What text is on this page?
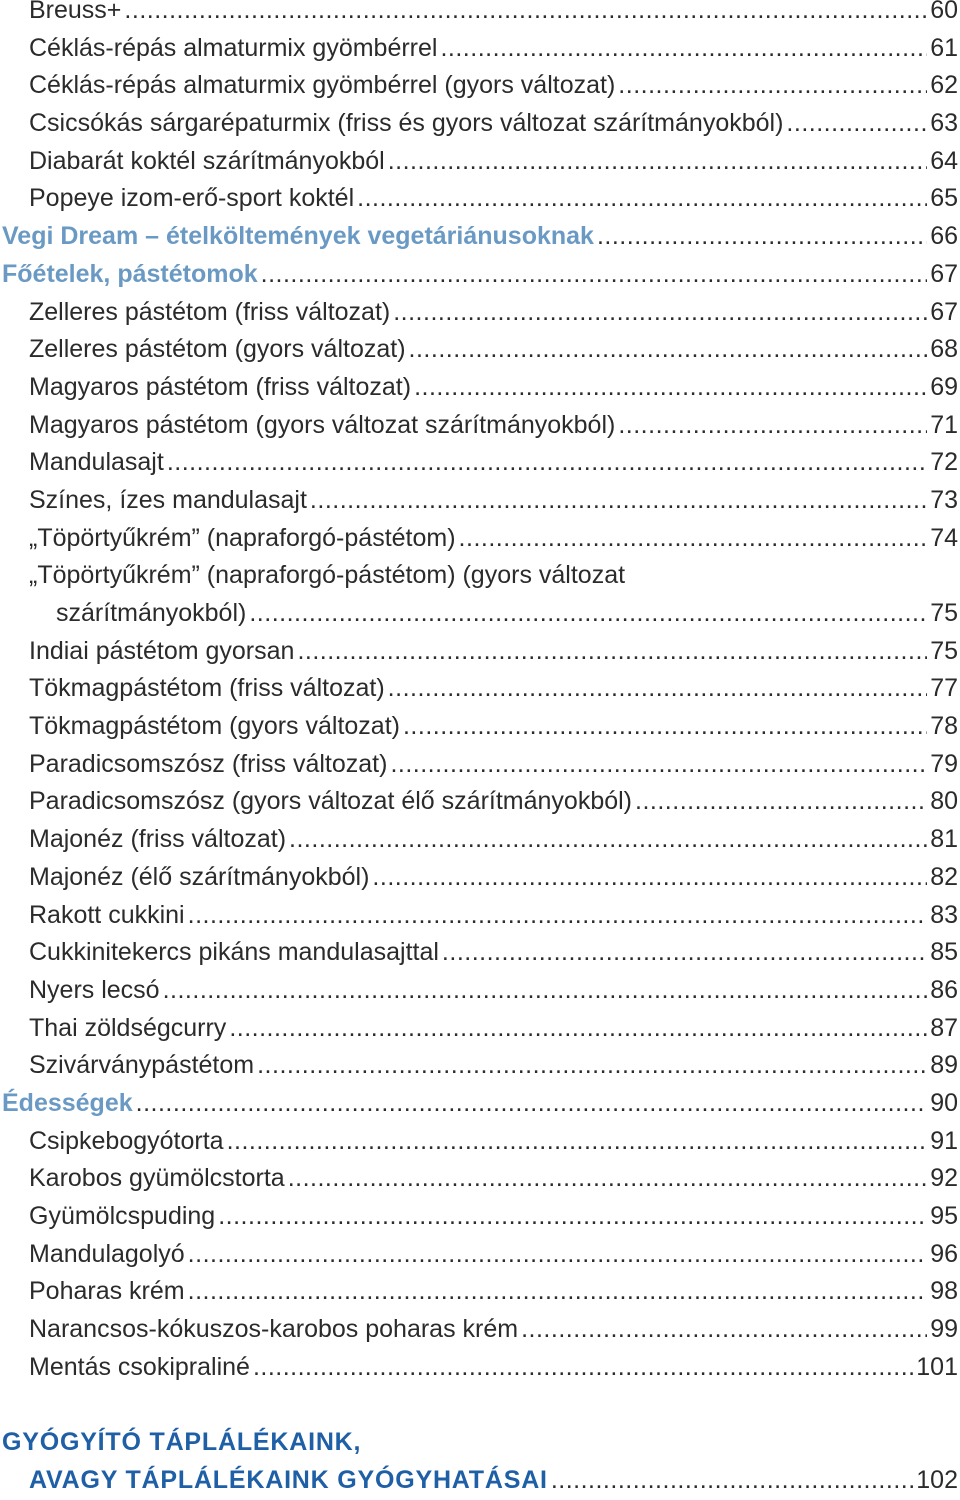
Breuss+ .....	60
Céklás-répás almaturmix gyömbérrel .....	61
Céklás-répás almaturmix gyömbérrel (gyors változat) .....	62
Csicsókás sárgarépaturmix (friss és gyors változat szárítmányokból) .....	63
Diabarát koktél szárítmányokból .....	64
Popeye izom-erő-sport koktél .....	65
Vegi Dream – ételköltemények vegetáriánusoknak .....	66
Főételek, pástétomok .....	67
Zelleres pástétom (friss változat) .....	67
Zelleres pástétom (gyors változat) .....	68
Magyaros pástétom (friss változat) .....	69
Magyaros pástétom (gyors változat szárítmányokból) .....	71
Mandulasajt .....	72
Színes, ízes mandulasajt .....	73
„Töpörtyűkrém” (napraforgó-pástétom) .....	74
„Töpörtyűkrém” (napraforgó-pástétom) (gyors változat
szárítmányokból) .....	75
Indiai pástétom gyorsan .....	75
Tökmagpástétom (friss változat) .....	77
Tökmagpástétom (gyors változat) .....	78
Paradicsomszósz (friss változat) .....	79
Paradicsomszósz (gyors változat élő szárítmányokból) .....	80
Majonéz (friss változat) .....	81
Majonéz (élő szárítmányokból) .....	82
Rakott cukkini .....	83
Cukkinitekercs pikáns mandulasajttal .....	85
Nyers lecsó .....	86
Thai zöldségcurry .....	87
Szivárványpástétom .....	89
Édességek .....	90
Csipkebogyótorta .....	91
Karobos gyümölcstorta .....	92
Gyümölcspuding .....	95
Mandulagolyó .....	96
Poharas krém .....	98
Narancsos-kókuszos-karobos poharas krém .....	99
Mentás csokipraliné .....	101
GYÓGYÍTÓ TÁPLÁLÉKAINK,
AVAGY TÁPLÁLÉKAINK GYÓGYHATÁSAI .....	102
